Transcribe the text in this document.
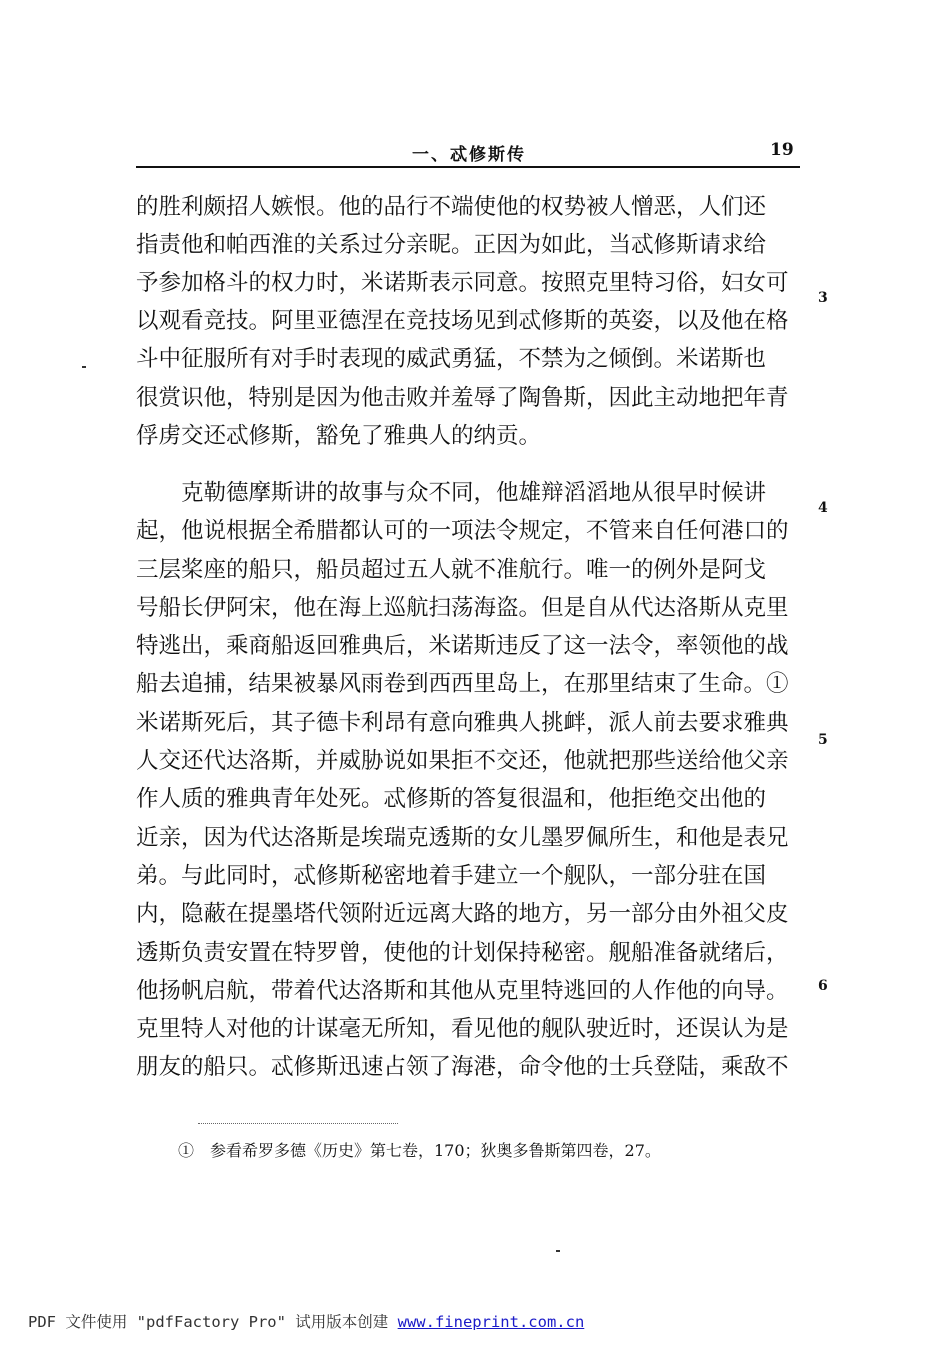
一、忒修斯传	19
的胜利颇招人嫉恨。他的品行不端使他的权势被人憎恶，人们还
指责他和帕西淮的关系过分亲昵。正因为如此，当忒修斯请求给
予参加格斗的权力时，米诺斯表示同意。按照克里特习俗，妇女可
以观看竞技。阿里亚德涅在竞技场见到忒修斯的英姿，以及他在格
斗中征服所有对手时表现的威武勇猛，不禁为之倾倒。米诺斯也
很赏识他，特别是因为他击败并羞辱了陶鲁斯，因此主动地把年青
俘虏交还忒修斯，豁免了雅典人的纳贡。
　　克勒德摩斯讲的故事与众不同，他雄辩滔滔地从很早时候讲
起，他说根据全希腊都认可的一项法令规定，不管来自任何港口的
三层桨座的船只，船员超过五人就不准航行。唯一的例外是阿戈
号船长伊阿宋，他在海上巡航扫荡海盗。但是自从代达洛斯从克里
特逃出，乘商船返回雅典后，米诺斯违反了这一法令，率领他的战
船去追捕，结果被暴风雨卷到西西里岛上，在那里结束了生命。①
米诺斯死后，其子德卡利昂有意向雅典人挑衅，派人前去要求雅典
人交还代达洛斯，并威胁说如果拒不交还，他就把那些送给他父亲
作人质的雅典青年处死。忒修斯的答复很温和，他拒绝交出他的
近亲，因为代达洛斯是埃瑞克透斯的女儿墨罗佩所生，和他是表兄
弟。与此同时，忒修斯秘密地着手建立一个舰队，一部分驻在国
内，隐蔽在提墨塔代领附近远离大路的地方，另一部分由外祖父皮
透斯负责安置在特罗曾，使他的计划保持秘密。舰船准备就绪后，
他扬帆启航，带着代达洛斯和其他从克里特逃回的人作他的向导。
克里特人对他的计谋毫无所知，看见他的舰队驶近时，还误认为是
朋友的船只。忒修斯迅速占领了海港，命令他的士兵登陆，乘敌不
3
4
5
6
①　参看希罗多德《历史》第七卷，170；狄奥多鲁斯第四卷，27。
PDF 文件使用 "pdfFactory Pro" 试用版本创建 www.fineprint.com.cn
